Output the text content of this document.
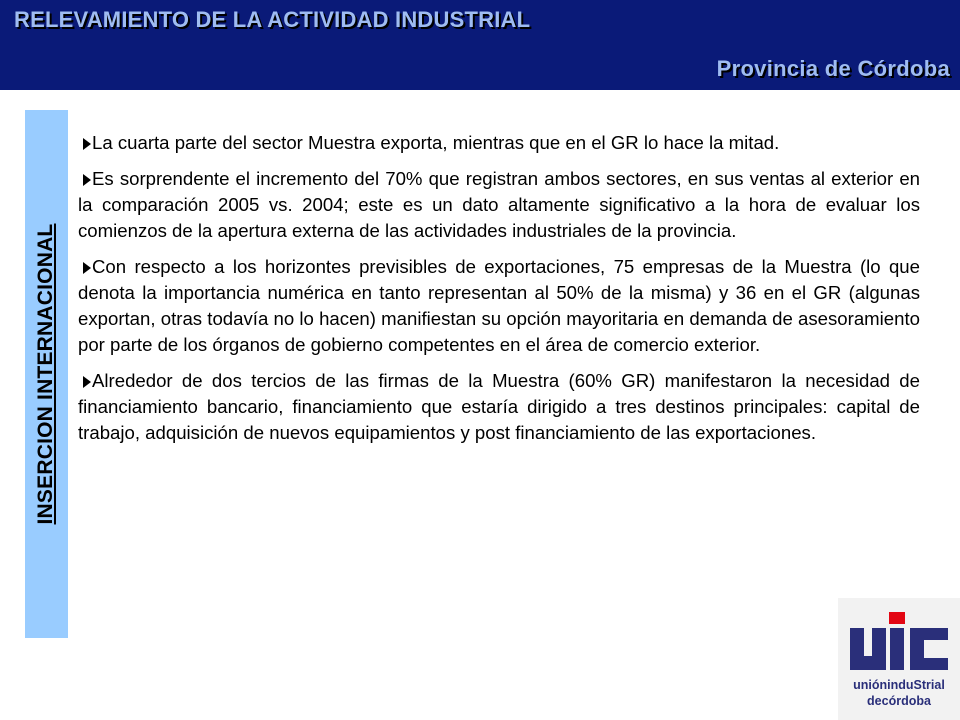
RELEVAMIENTO DE LA ACTIVIDAD INDUSTRIAL
Provincia de Córdoba
INSERCION INTERNACIONAL
La cuarta parte del sector Muestra exporta, mientras que en el GR lo hace la mitad.
Es sorprendente el incremento del 70% que registran ambos sectores, en sus ventas al exterior en la comparación 2005 vs. 2004; este es un dato altamente significativo a la hora de evaluar los comienzos de la apertura externa de las actividades industriales de la provincia.
Con respecto a los horizontes previsibles de exportaciones, 75 empresas de la Muestra (lo que denota la importancia numérica en tanto representan al 50% de la misma) y 36 en el GR (algunas exportan, otras todavía no lo hacen) manifiestan su opción mayoritaria en demanda de asesoramiento por parte de los órganos de gobierno competentes en el área de comercio exterior.
Alrededor de dos tercios de las firmas de la Muestra (60% GR) manifestaron la necesidad de financiamiento bancario, financiamiento que estaría dirigido a tres destinos principales: capital de trabajo, adquisición de nuevos equipamientos y post financiamiento de las exportaciones.
unióninduStrial
decórdoba
